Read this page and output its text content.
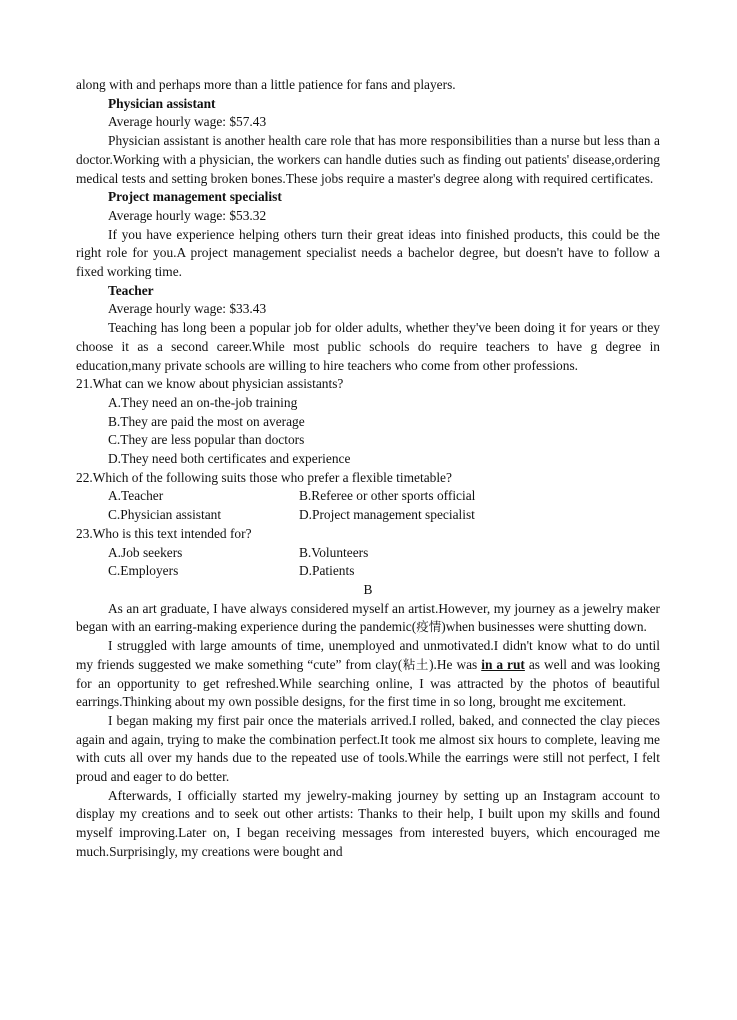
along with and perhaps more than a little patience for fans and players.

Physician assistant

Average hourly wage: $57.43

Physician assistant is another health care role that has more responsibilities than a nurse but less than a doctor.Working with a physician, the workers can handle duties such as finding out patients' disease,ordering medical tests and setting broken bones.These jobs require a master's degree along with required certificates.

Project management specialist

Average hourly wage: $53.32

If you have experience helping others turn their great ideas into finished products, this could be the right role for you.A project management specialist needs a bachelor degree, but doesn't have to follow a fixed working time.

Teacher

Average hourly wage: $33.43

Teaching has long been a popular job for older adults, whether they've been doing it for years or they choose it as a second career.While most public schools do require teachers to have g degree in education,many private schools are willing to hire teachers who come from other professions.

21.What can we know about physician assistants?

A.They need an on-the-job training

B.They are paid the most on average

C.They are less popular than doctors

D.They need both certificates and experience

22.Which of the following suits those who prefer a flexible timetable?

A.Teacher	B.Referee or other sports official
C.Physician assistant	D.Project management specialist

23.Who is this text intended for?

A.Job seekers	B.Volunteers
C.Employers	D.Patients

B

As an art graduate, I have always considered myself an artist.However, my journey as a jewelry maker began with an earring-making experience during the pandemic(疫情)when businesses were shutting down.

I struggled with large amounts of time, unemployed and unmotivated.I didn't know what to do until my friends suggested we make something “cute” from clay(粘土).He was in a rut as well and was looking for an opportunity to get refreshed.While searching online, I was attracted by the photos of beautiful earrings.Thinking about my own possible designs, for the first time in so long, brought me excitement.

I began making my first pair once the materials arrived.I rolled, baked, and connected the clay pieces again and again, trying to make the combination perfect.It took me almost six hours to complete, leaving me with cuts all over my hands due to the repeated use of tools.While the earrings were still not perfect, I felt proud and eager to do better.

Afterwards, I officially started my jewelry-making journey by setting up an Instagram account to display my creations and to seek out other artists: Thanks to their help, I built upon my skills and found myself improving.Later on, I began receiving messages from interested buyers, which encouraged me much.Surprisingly, my creations were bought and
